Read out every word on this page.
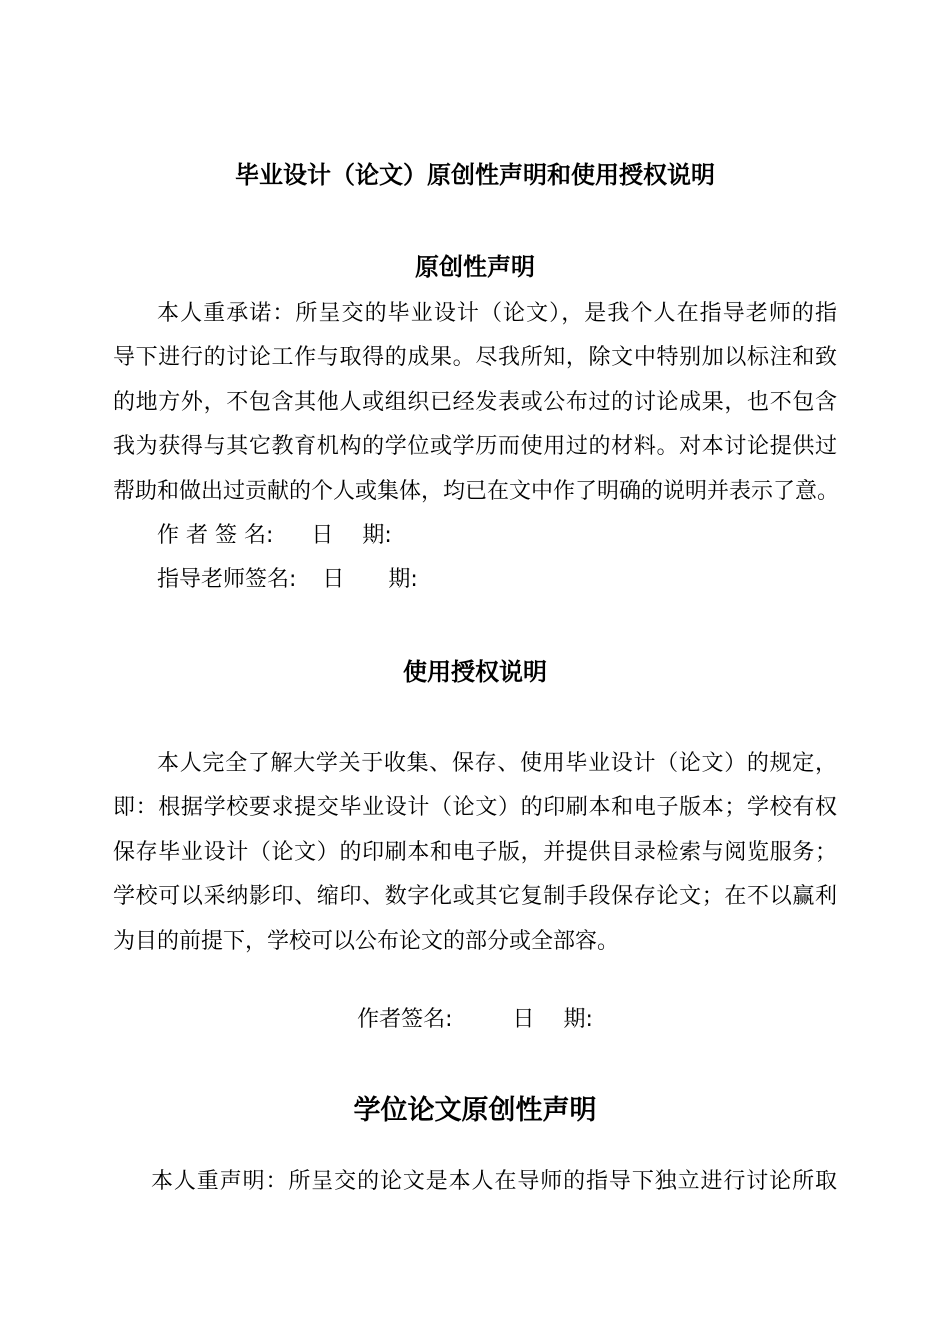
毕业设计（论文）原创性声明和使用授权说明
原创性声明
本人重承诺：所呈交的毕业设计（论文），是我个人在指导老师的指
导下进行的讨论工作与取得的成果。尽我所知，除文中特别加以标注和致
的地方外，不包含其他人或组织已经发表或公布过的讨论成果，也不包含
我为获得与其它教育机构的学位或学历而使用过的材料。对本讨论提供过
帮助和做出过贡献的个人或集体，均已在文中作了明确的说明并表示了意。
作 者 签 名: 日　 期:
指导老师签名: 日　　期:
使用授权说明
本人完全了解大学关于收集、保存、使用毕业设计（论文）的规定，
即：根据学校要求提交毕业设计（论文）的印刷本和电子版本；学校有权
保存毕业设计（论文）的印刷本和电子版，并提供目录检索与阅览服务；
学校可以采纳影印、缩印、数字化或其它复制手段保存论文；在不以赢利
为目的前提下，学校可以公布论文的部分或全部容。
作者签名:	日　 期:
学位论文原创性声明
本人重声明：所呈交的论文是本人在导师的指导下独立进行讨论所取
